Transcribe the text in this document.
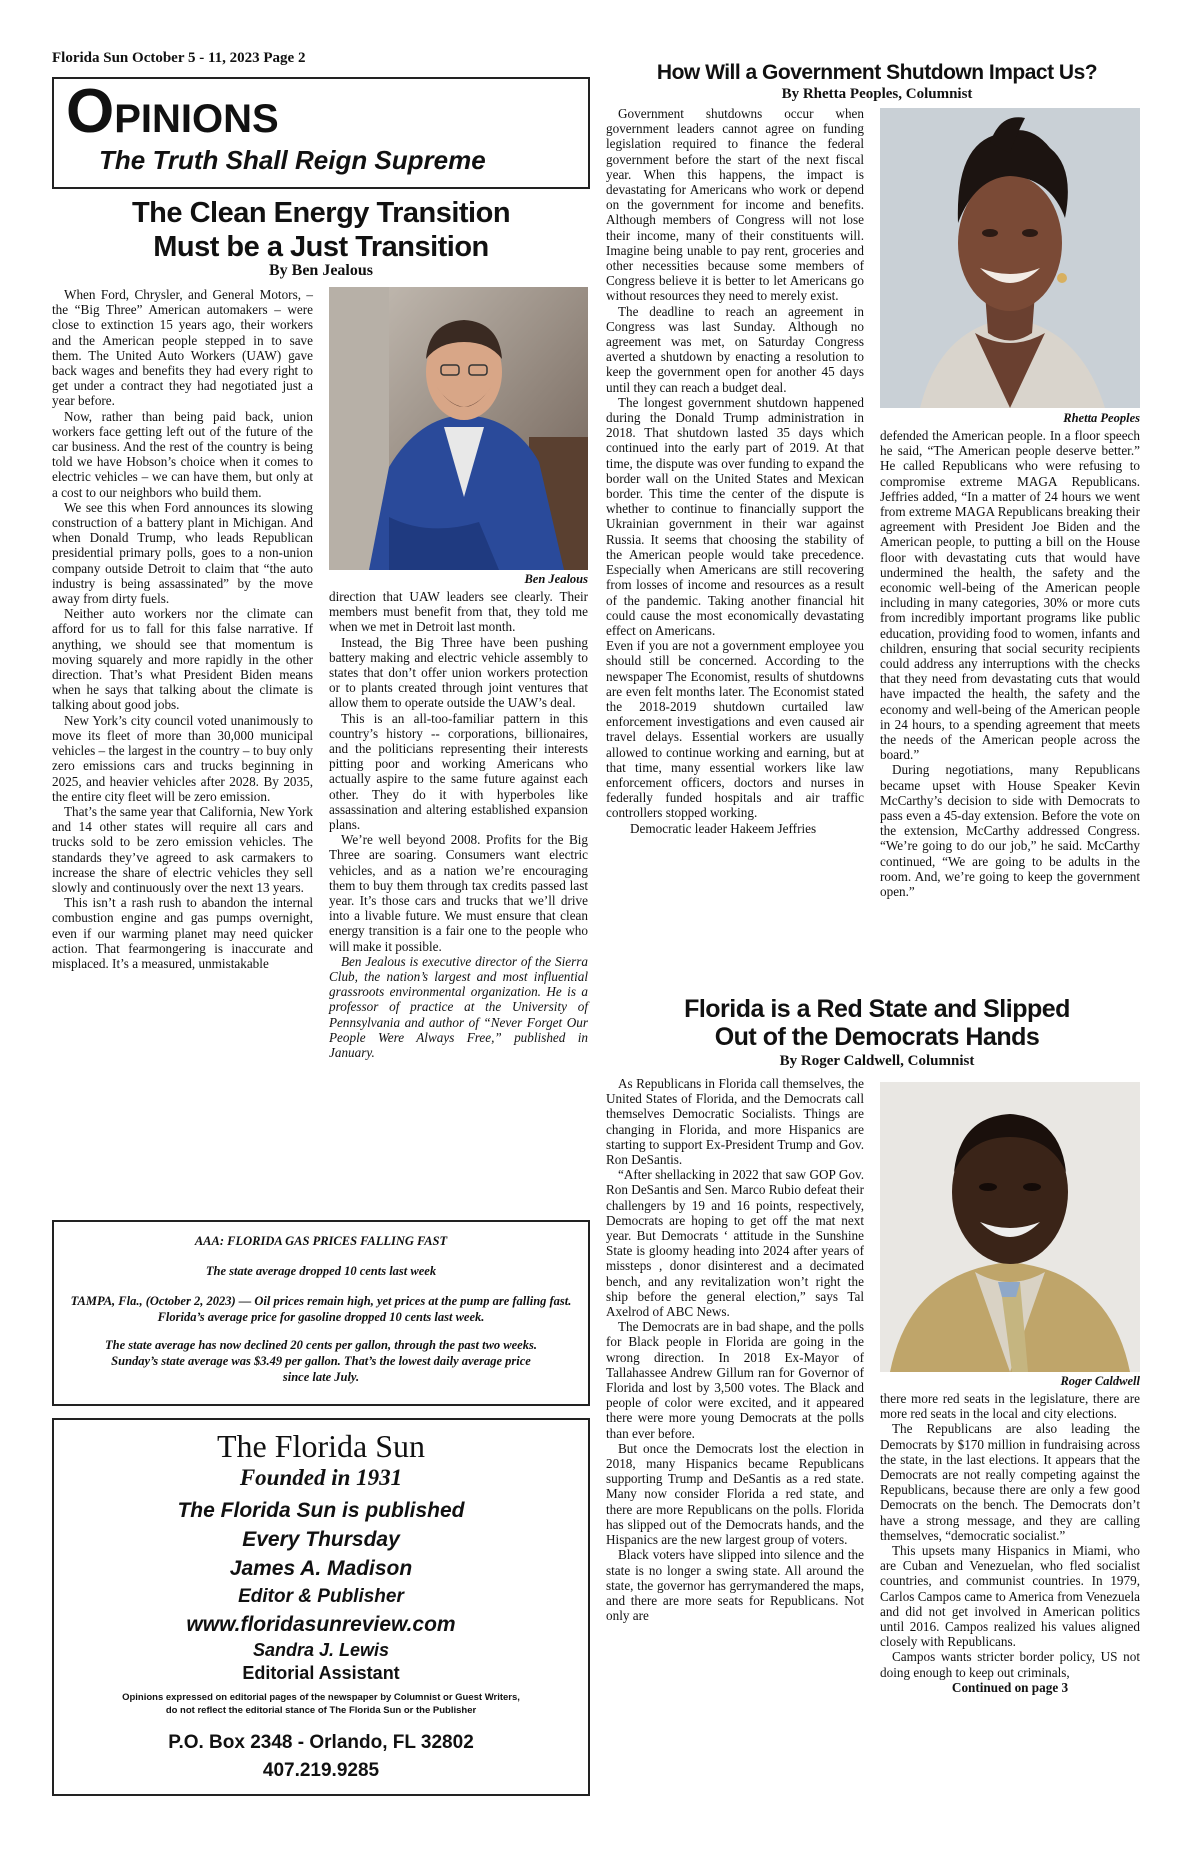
Florida Sun October 5 - 11, 2023 Page 2
OPINIONS
The Truth Shall Reign Supreme
The Clean Energy Transition
Must be a Just Transition
By Ben Jealous

When Ford, Chrysler, and General Motors, – the “Big Three” American automakers – were close to extinction 15 years ago, their workers and the American people stepped in to save them. The United Auto Workers (UAW) gave back wages and benefits they had every right to get under a contract they had negotiated just a year before.

Now, rather than being paid back, union workers face getting left out of the future of the car business. And the rest of the country is being told we have Hobson’s choice when it comes to electric vehicles – we can have them, but only at a cost to our neighbors who build them.

We see this when Ford announces its slowing construction of a battery plant in Michigan. And when Donald Trump, who leads Republican presidential primary polls, goes to a non-union company outside Detroit to claim that “the auto industry is being assassinated” by the move away from dirty fuels.

Neither auto workers nor the climate can afford for us to fall for this false narrative. If anything, we should see that momentum is moving squarely and more rapidly in the other direction. That’s what President Biden means when he says that talking about the climate is talking about good jobs.

New York’s city council voted unanimously to move its fleet of more than 30,000 municipal vehicles – the largest in the country – to buy only zero emissions cars and trucks beginning in 2025, and heavier vehicles after 2028. By 2035, the entire city fleet will be zero emission.

That’s the same year that California, New York and 14 other states will require all cars and trucks sold to be zero emission vehicles. The standards they’ve agreed to ask carmakers to increase the share of electric vehicles they sell slowly and continuously over the next 13 years.

This isn’t a rash rush to abandon the internal combustion engine and gas pumps overnight, even if our warming planet may need quicker action. That fearmongering is inaccurate and misplaced. It’s a measured, unmistakable

Ben Jealous

direction that UAW leaders see clearly. Their members must benefit from that, they told me when we met in Detroit last month.

Instead, the Big Three have been pushing battery making and electric vehicle assembly to states that don’t offer union workers protection or to plants created through joint ventures that allow them to operate outside the UAW’s deal.

This is an all-too-familiar pattern in this country’s history -- corporations, billionaires, and the politicians representing their interests pitting poor and working Americans who actually aspire to the same future against each other. They do it with hyperboles like assassination and altering established expansion plans.

We’re well beyond 2008. Profits for the Big Three are soaring. Consumers want electric vehicles, and as a nation we’re encouraging them to buy them through tax credits passed last year. It’s those cars and trucks that we’ll drive into a livable future. We must ensure that clean energy transition is a fair one to the people who will make it possible.

Ben Jealous is executive director of the Sierra Club, the nation’s largest and most influential grassroots environmental organization. He is a professor of practice at the University of Pennsylvania and author of “Never Forget Our People Were Always Free,” published in January.

AAA: FLORIDA GAS PRICES FALLING FAST
The state average dropped 10 cents last week
TAMPA, Fla., (October 2, 2023) — Oil prices remain high, yet prices at the pump are falling fast. Florida’s average price for gasoline dropped 10 cents last week.
The state average has now declined 20 cents per gallon, through the past two weeks. Sunday’s state average was $3.49 per gallon. That’s the lowest daily average price since late July.
The Florida Sun
Founded in 1931
The Florida Sun is published
Every Thursday
James A. Madison
Editor & Publisher
www.floridasunreview.com
Sandra J. Lewis
Editorial Assistant
Opinions expressed on editorial pages of the newspaper by Columnist or Guest Writers,
do not reflect the editorial stance of The Florida Sun or the Publisher
P.O. Box 2348 - Orlando, FL 32802
407.219.9285
How Will a Government Shutdown Impact Us?
By Rhetta Peoples, Columnist

Government shutdowns occur when government leaders cannot agree on funding legislation required to finance the federal government before the start of the next fiscal year. When this happens, the impact is devastating for Americans who work or depend on the government for income and benefits. Although members of Congress will not lose their income, many of their constituents will. Imagine being unable to pay rent, groceries and other necessities because some members of Congress believe it is better to let Americans go without resources they need to merely exist.

The deadline to reach an agreement in Congress was last Sunday. Although no agreement was met, on Saturday Congress averted a shutdown by enacting a resolution to keep the government open for another 45 days until they can reach a budget deal.

The longest government shutdown happened during the Donald Trump administration in 2018. That shutdown lasted 35 days which continued into the early part of 2019. At that time, the dispute was over funding to expand the border wall on the United States and Mexican border. This time the center of the dispute is whether to continue to financially support the Ukrainian government in their war against Russia. It seems that choosing the stability of the American people would take precedence. Especially when Americans are still recovering from losses of income and resources as a result of the pandemic. Taking another financial hit could cause the most economically devastating effect on Americans.

Even if you are not a government employee you should still be concerned. According to the newspaper The Economist, results of shutdowns are even felt months later. The Economist stated the 2018-2019 shutdown curtailed law enforcement investigations and even caused air travel delays. Essential workers are usually allowed to continue working and earning, but at that time, many essential workers like law enforcement officers, doctors and nurses in federally funded hospitals and air traffic controllers stopped working.

Democratic leader Hakeem Jeffries

Rhetta Peoples

defended the American people. In a floor speech he said, “The American people deserve better.” He called Republicans who were refusing to compromise extreme MAGA Republicans. Jeffries added, “In a matter of 24 hours we went from extreme MAGA Republicans breaking their agreement with President Joe Biden and the American people, to putting a bill on the House floor with devastating cuts that would have undermined the health, the safety and the economic well-being of the American people including in many categories, 30% or more cuts from incredibly important programs like public education, providing food to women, infants and children, ensuring that social security recipients could address any interruptions with the checks that they need from devastating cuts that would have impacted the health, the safety and the economy and well-being of the American people in 24 hours, to a spending agreement that meets the needs of the American people across the board.”

During negotiations, many Republicans became upset with House Speaker Kevin McCarthy’s decision to side with Democrats to pass even a 45-day extension. Before the vote on the extension, McCarthy addressed Congress. “We’re going to do our job,” he said. McCarthy continued, “We are going to be adults in the room. And, we’re going to keep the government open.”

Florida is a Red State and Slipped
Out of the Democrats Hands
By Roger Caldwell, Columnist

As Republicans in Florida call themselves, the United States of Florida, and the Democrats call themselves Democratic Socialists. Things are changing in Florida, and more Hispanics are starting to support Ex-President Trump and Gov. Ron DeSantis.

“After shellacking in 2022 that saw GOP Gov. Ron DeSantis and Sen. Marco Rubio defeat their challengers by 19 and 16 points, respectively, Democrats are hoping to get off the mat next year. But Democrats ‘ attitude in the Sunshine State is gloomy heading into 2024 after years of missteps , donor disinterest and a decimated bench, and any revitalization won’t right the ship before the general election,” says Tal Axelrod of ABC News.

The Democrats are in bad shape, and the polls for Black people in Florida are going in the wrong direction. In 2018 Ex-Mayor of Tallahassee Andrew Gillum ran for Governor of Florida and lost by 3,500 votes. The Black and people of color were excited, and it appeared there were more young Democrats at the polls than ever before.

But once the Democrats lost the election in 2018, many Hispanics became Republicans supporting Trump and DeSantis as a red state. Many now consider Florida a red state, and there are more Republicans on the polls. Florida has slipped out of the Democrats hands, and the Hispanics are the new largest group of voters.

Black voters have slipped into silence and the state is no longer a swing state. All around the state, the governor has gerrymandered the maps, and there are more seats for Republicans. Not only are

Roger Caldwell

there more red seats in the legislature, there are more red seats in the local and city elections.

The Republicans are also leading the Democrats by $170 million in fundraising across the state, in the last elections. It appears that the Democrats are not really competing against the Republicans, because there are only a few good Democrats on the bench. The Democrats don’t have a strong message, and they are calling themselves, “democratic socialist.”

This upsets many Hispanics in Miami, who are Cuban and Venezuelan, who fled socialist countries, and communist countries. In 1979, Carlos Campos came to America from Venezuela and did not get involved in American politics until 2016. Campos realized his values aligned closely with Republicans.

Campos wants stricter border policy, US not doing enough to keep out criminals,

Continued on page 3
